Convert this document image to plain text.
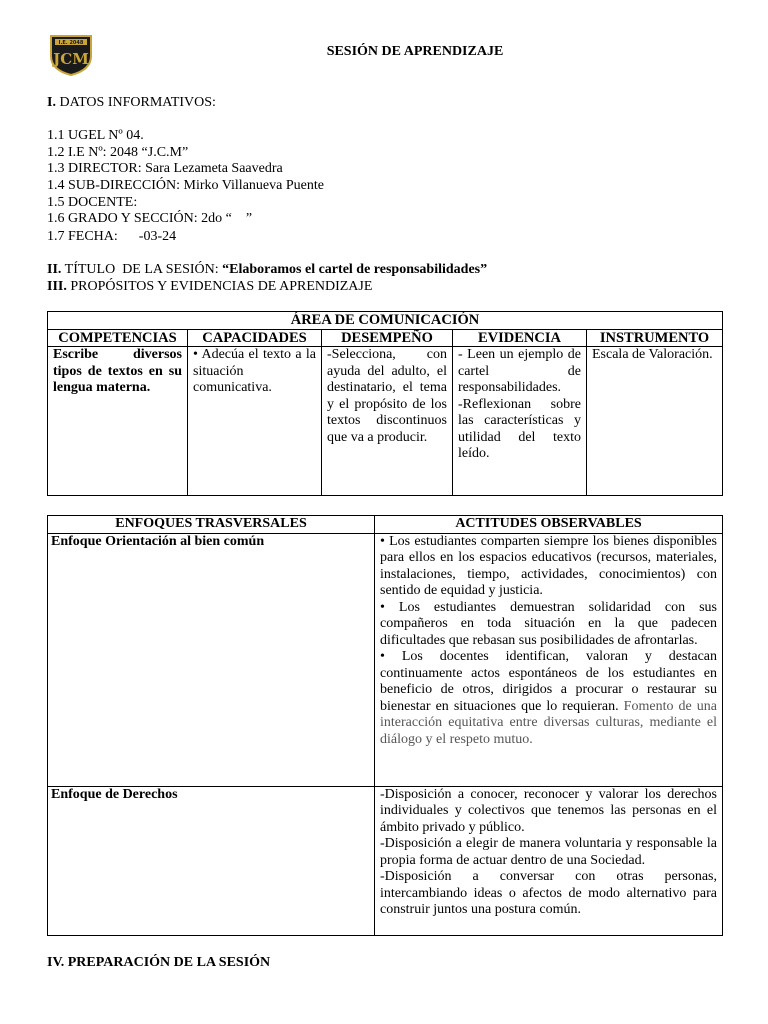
I.E. 2048
JCM	SESIÓN DE APRENDIZAJE
I. DATOS INFORMATIVOS:
1.1 UGEL Nº 04.
1.2 I.E Nº: 2048 “J.C.M”
1.3 DIRECTOR: Sara Lezameta Saavedra
1.4 SUB-DIRECCIÓN: Mirko Villanueva Puente
1.5 DOCENTE:
1.6 GRADO Y SECCIÓN: 2do “    ”
1.7 FECHA:      -03-24
II. TÍTULO  DE LA SESIÓN: “Elaboramos el cartel de responsabilidades”
III. PROPÓSITOS Y EVIDENCIAS DE APRENDIZAJE
ÁREA DE COMUNICACIÓN				
COMPETENCIAS	CAPACIDADES	DESEMPEÑO	EVIDENCIA	INSTRUMENTO
Escribe diversos tipos de textos en su lengua materna.	• Adecúa el texto a la situación comunicativa.	-Selecciona, con ayuda del adulto, el destinatario, el tema y el propósito de los textos discontinuos que va a producir.	- Leen un ejemplo de cartel de responsabilidades.
-Reflexionan sobre las características y utilidad del texto leído.	Escala de Valoración.
ENFOQUES TRASVERSALES	ACTITUDES OBSERVABLES
Enfoque Orientación al bien común	• Los estudiantes comparten siempre los bienes disponibles para ellos en los espacios educativos (recursos, materiales, instalaciones, tiempo, actividades, conocimientos) con sentido de equidad y justicia.
• Los estudiantes demuestran solidaridad con sus compañeros en toda situación en la que padecen dificultades que rebasan sus posibilidades de afrontarlas.
• Los docentes identifican, valoran y destacan continuamente actos espontáneos de los estudiantes en beneficio de otros, dirigidos a procurar o restaurar su bienestar en situaciones que lo requieran. Fomento de una interacción equitativa entre diversas culturas, mediante el diálogo y el respeto mutuo.

Enfoque de Derechos	-Disposición a conocer, reconocer y valorar los derechos individuales y colectivos que tenemos las personas en el ámbito privado y público.
-Disposición a elegir de manera voluntaria y responsable la propia forma de actuar dentro de una Sociedad.
-Disposición a conversar con otras personas, intercambiando ideas o afectos de modo alternativo para construir juntos una postura común.
IV. PREPARACIÓN DE LA SESIÓN
